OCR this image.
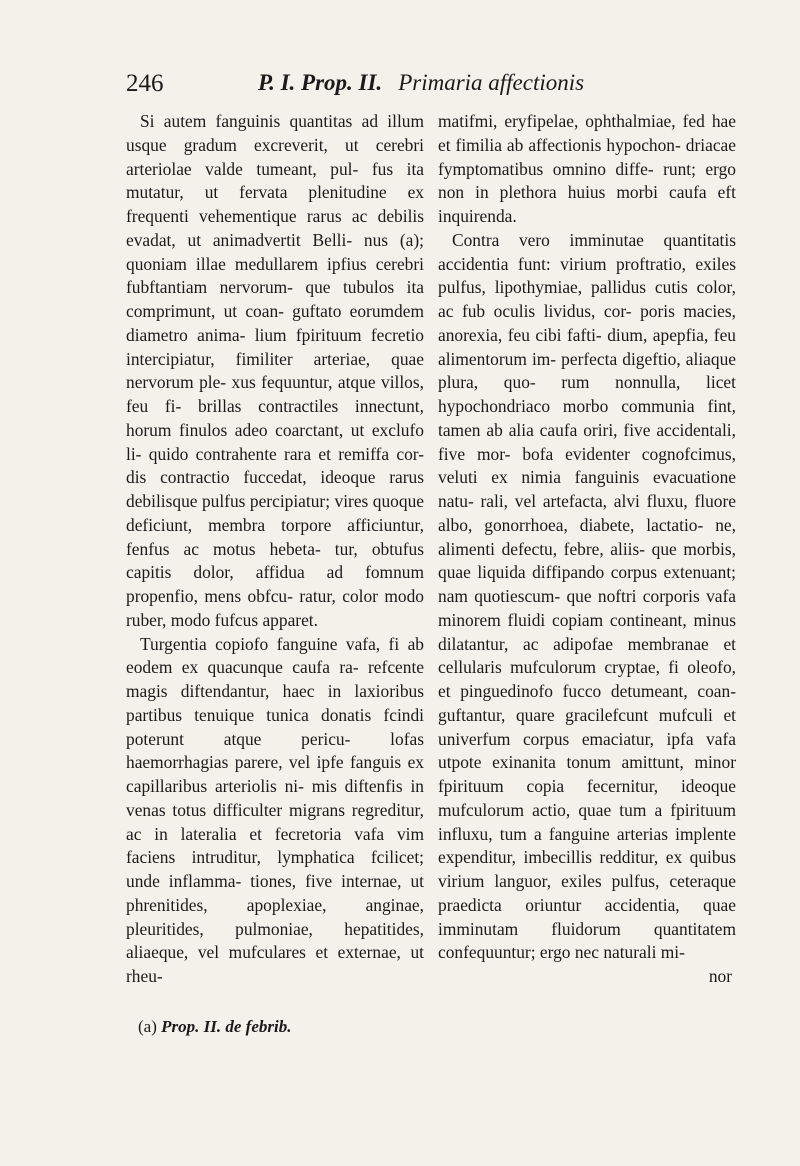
246	P. I. Prop. II. Primaria affectionis

Si autem fanguinis quantitas ad illum usque gradum excreverit, ut cerebri arteriolae valde tumeant, pul- fus ita mutatur, ut fervata plenitudine ex frequenti vehementique rarus ac debilis evadat, ut animadvertit Belli- nus (a); quoniam illae medullarem ipfius cerebri fubftantiam nervorum- que tubulos ita comprimunt, ut coan- guftato eorumdem diametro anima- lium fpirituum fecretio intercipiatur, fimiliter arteriae, quae nervorum ple- xus fequuntur, atque villos, feu fi- brillas contractiles innectunt, horum finulos adeo coarctant, ut exclufo li- quido contrahente rara et remiffa cor- dis contractio fuccedat, ideoque rarus debilisque pulfus percipiatur; vires quoque deficiunt, membra torpore afficiuntur, fenfus ac motus hebeta- tur, obtufus capitis dolor, affidua ad fomnum propenfio, mens obfcu- ratur, color modo ruber, modo fufcus apparet.

Turgentia copiofo fanguine vafa, fi ab eodem ex quacunque caufa ra- refcente magis diftendantur, haec in laxioribus partibus tenuique tunica donatis fcindi poterunt atque pericu- lofas haemorrhagias parere, vel ipfe fanguis ex capillaribus arteriolis ni- mis diftenfis in venas totus difficulter migrans regreditur, ac in lateralia et fecretoria vafa vim faciens intruditur, lymphatica fcilicet; unde inflamma- tiones, five internae, ut phrenitides, apoplexiae, anginae, pleuritides, pulmoniae, hepatitides, aliaeque, vel mufculares et externae, ut rheu-

matifmi, eryfipelae, ophthalmiae, fed hae et fimilia ab affectionis hypochon- driacae fymptomatibus omnino diffe- runt; ergo non in plethora huius morbi caufa eft inquirenda.

Contra vero imminutae quantitatis accidentia funt: virium proftratio, exiles pulfus, lipothymiae, pallidus cutis color, ac fub oculis lividus, cor- poris macies, anorexia, feu cibi fafti- dium, apepfia, feu alimentorum im- perfecta digeftio, aliaque plura, quo- rum nonnulla, licet hypochondriaco morbo communia fint, tamen ab alia caufa oriri, five accidentali, five mor- bofa evidenter cognofcimus, veluti ex nimia fanguinis evacuatione natu- rali, vel artefacta, alvi fluxu, fluore albo, gonorrhoea, diabete, lactatio- ne, alimenti defectu, febre, aliis- que morbis, quae liquida diffipando corpus extenuant; nam quotiescum- que noftri corporis vafa minorem fluidi copiam contineant, minus dilatantur, ac adipofae membranae et cellularis mufculorum cryptae, fi oleofo, et pinguedinofo fucco detumeant, coan- guftantur, quare gracilefcunt mufculi et univerfum corpus emaciatur, ipfa vafa utpote exinanita tonum amittunt, minor fpirituum copia fecernitur, ideoque mufculorum actio, quae tum a fpirituum influxu, tum a fanguine arterias implente expenditur, imbecillis redditur, ex quibus virium languor, exiles pulfus, ceteraque praedicta oriuntur accidentia, quae imminutam fluidorum quantitatem confequuntur; ergo nec naturali mi-

nor
(a) Prop. II. de febrib.
